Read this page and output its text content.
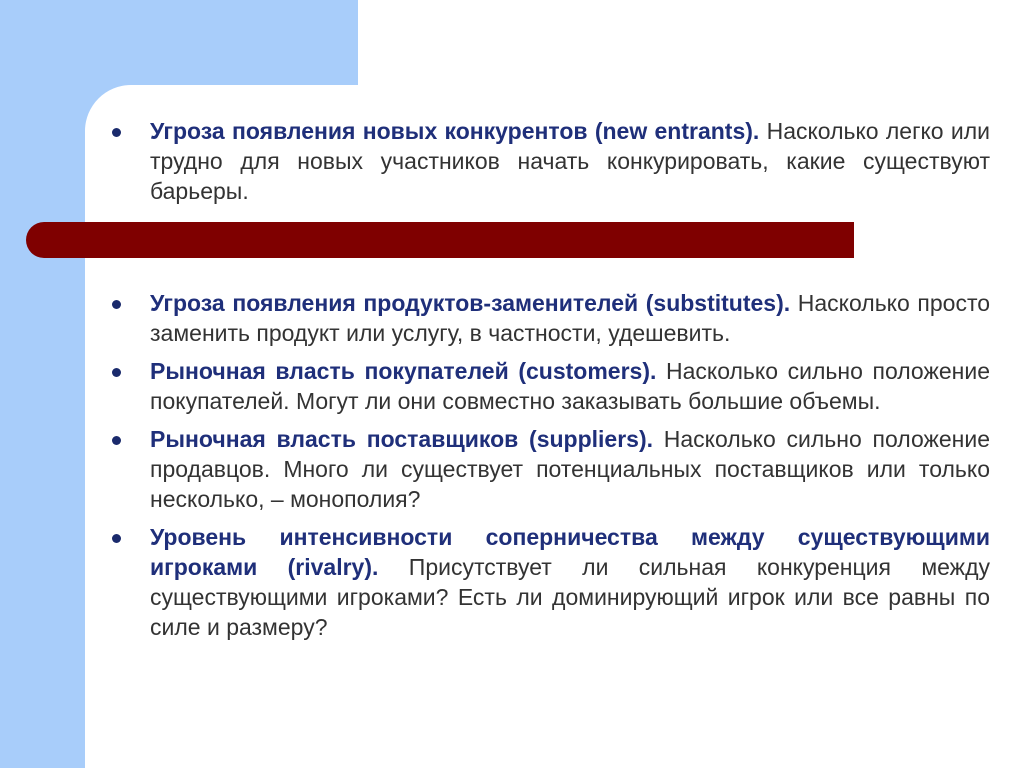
Угроза появления новых конкурентов (new entrants). Насколько легко или трудно для новых участников начать конкурировать, какие существуют барьеры.
Угроза появления продуктов-заменителей (substitutes). Насколько просто заменить продукт или услугу, в частности, удешевить.
Рыночная власть покупателей (customers). Насколько сильно положение покупателей. Могут ли они совместно заказывать большие объемы.
Рыночная власть поставщиков (suppliers). Насколько сильно положение продавцов. Много ли существует потенциальных поставщиков или только несколько, – монополия?
Уровень интенсивности соперничества между существующими игроками (rivalry). Присутствует ли сильная конкуренция между существующими игроками? Есть ли доминирующий игрок или все равны по силе и размеру?
